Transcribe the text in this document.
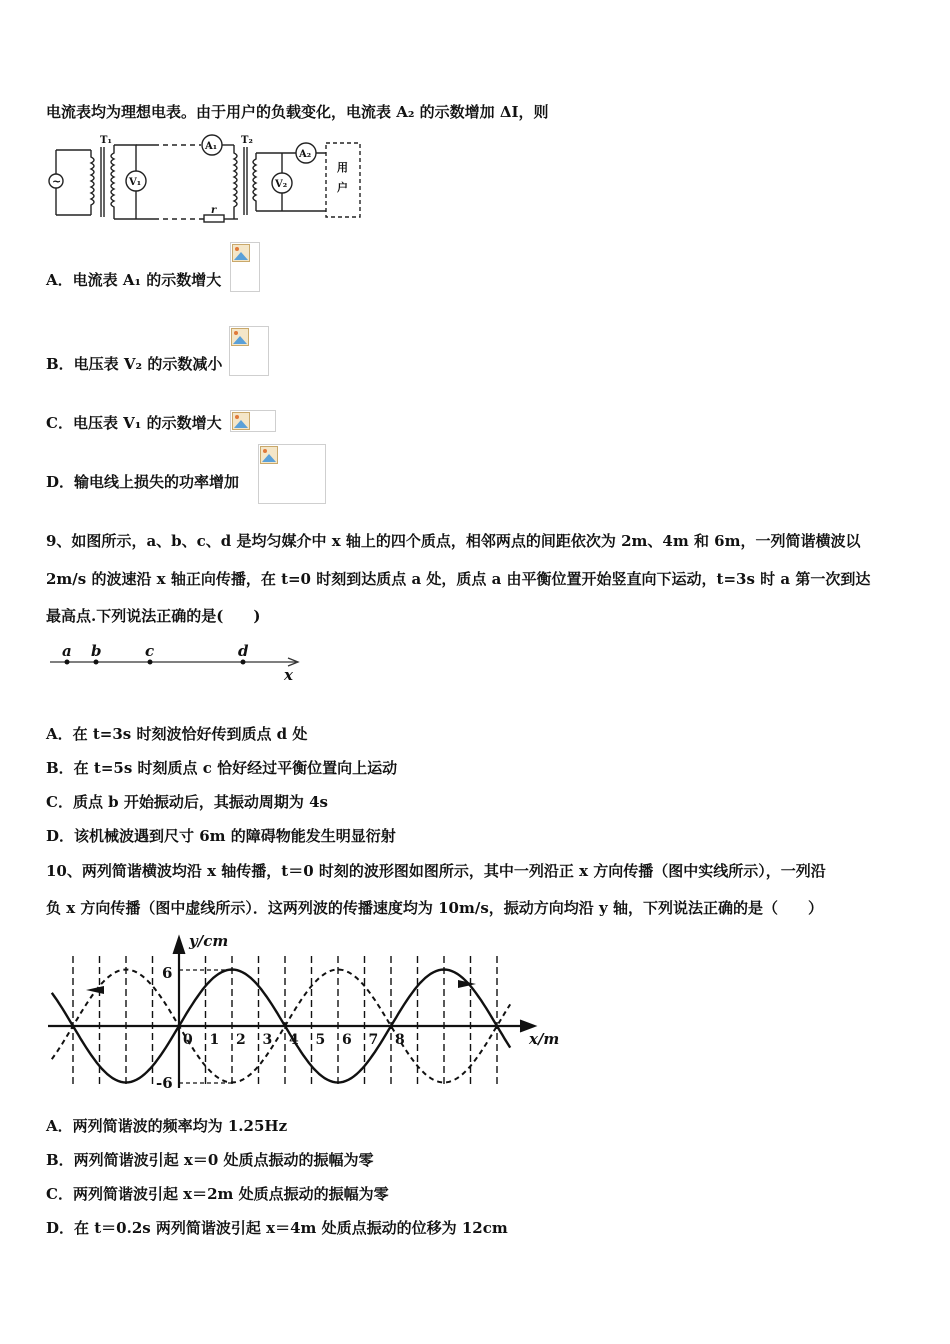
电流表均为理想电表。由于用户的负载变化，电流表 A₂ 的示数增加 ΔI，则
~
T₁
V₁
A₁
r
T₂
V₂
A₂
用
户
A．电流表 A₁ 的示数增大
B．电压表 V₂ 的示数减小
C．电压表 V₁ 的示数增大
D．输电线上损失的功率增加
9、如图所示，a、b、c、d 是均匀媒介中 x 轴上的四个质点，相邻两点的间距依次为 2m、4m 和 6m，一列简谐横波以
2m/s 的波速沿 x 轴正向传播，在 t=0 时刻到达质点 a 处，质点 a 由平衡位置开始竖直向下运动，t=3s 时 a 第一次到达
最高点.下列说法正确的是(　　)
a b	c	d
x
A．在 t=3s 时刻波恰好传到质点 d 处
B．在 t=5s 时刻质点 c 恰好经过平衡位置向上运动
C．质点 b 开始振动后，其振动周期为 4s
D．该机械波遇到尺寸 6m 的障碍物能发生明显衍射
10、两列简谐横波均沿 x 轴传播，t＝0 时刻的波形图如图所示，其中一列沿正 x 方向传播（图中实线所示），一列沿
负 x 方向传播（图中虚线所示）．这两列波的传播速度均为 10m/s，振动方向均沿 y 轴，下列说法正确的是（　　）
y/cm
x/m
6
-6
0 1 2 3 4 5 6 7 8
A．两列简谐波的频率均为 1.25Hz
B．两列简谐波引起 x＝0 处质点振动的振幅为零
C．两列简谐波引起 x＝2m 处质点振动的振幅为零
D．在 t＝0.2s 两列简谐波引起 x＝4m 处质点振动的位移为 12cm
